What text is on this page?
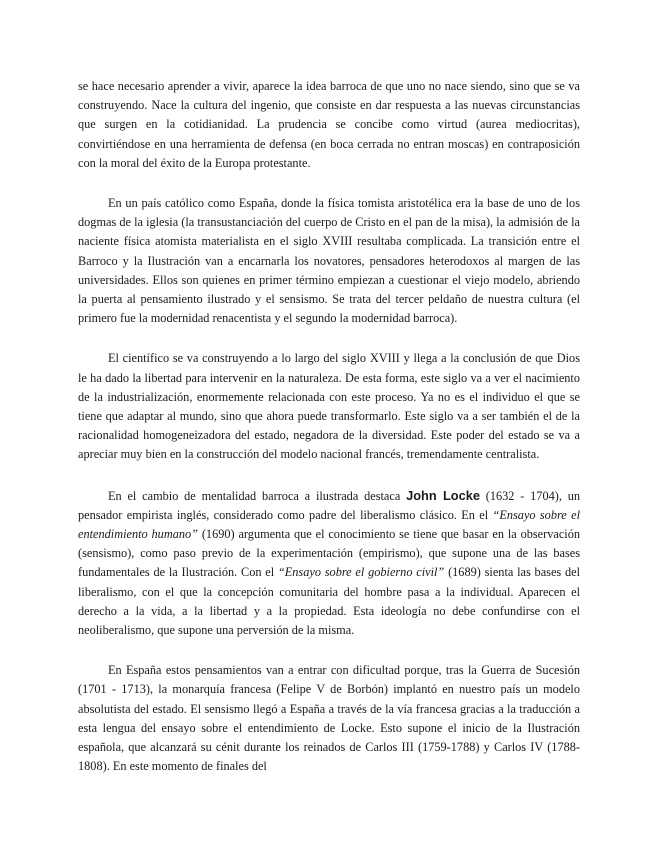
se hace necesario aprender a vivir, aparece la idea barroca de que uno no nace siendo, sino que se va construyendo. Nace la cultura del ingenio, que consiste en dar respuesta a las nuevas circunstancias que surgen en la cotidianidad. La prudencia se concibe como virtud (aurea mediocritas), convirtiéndose en una herramienta de defensa (en boca cerrada no entran moscas) en contraposición con la moral del éxito de la Europa protestante.

En un país católico como España, donde la física tomista aristotélica era la base de uno de los dogmas de la iglesia (la transustanciación del cuerpo de Cristo en el pan de la misa), la admisión de la naciente física atomista materialista en el siglo XVIII resultaba complicada. La transición entre el Barroco y la Ilustración van a encarnarla los novatores, pensadores heterodoxos al margen de las universidades. Ellos son quienes en primer término empiezan a cuestionar el viejo modelo, abriendo la puerta al pensamiento ilustrado y el sensismo. Se trata del tercer peldaño de nuestra cultura (el primero fue la modernidad renacentista y el segundo la modernidad barroca).

El científico se va construyendo a lo largo del siglo XVIII y llega a la conclusión de que Dios le ha dado la libertad para intervenir en la naturaleza. De esta forma, este siglo va a ver el nacimiento de la industrialización, enormemente relacionada con este proceso. Ya no es el individuo el que se tiene que adaptar al mundo, sino que ahora puede transformarlo. Este siglo va a ser también el de la racionalidad homogeneizadora del estado, negadora de la diversidad. Este poder del estado se va a apreciar muy bien en la construcción del modelo nacional francés, tremendamente centralista.

En el cambio de mentalidad barroca a ilustrada destaca John Locke (1632 - 1704), un pensador empirista inglés, considerado como padre del liberalismo clásico. En el “Ensayo sobre el entendimiento humano” (1690) argumenta que el conocimiento se tiene que basar en la observación (sensismo), como paso previo de la experimentación (empirismo), que supone una de las bases fundamentales de la Ilustración. Con el “Ensayo sobre el gobierno civil” (1689) sienta las bases del liberalismo, con el que la concepción comunitaria del hombre pasa a la individual. Aparecen el derecho a la vida, a la libertad y a la propiedad. Esta ideología no debe confundirse con el neoliberalismo, que supone una perversión de la misma.

En España estos pensamientos van a entrar con dificultad porque, tras la Guerra de Sucesión (1701 - 1713), la monarquía francesa (Felipe V de Borbón) implantó en nuestro país un modelo absolutista del estado. El sensismo llegó a España a través de la vía francesa gracias a la traducción a esta lengua del ensayo sobre el entendimiento de Locke. Esto supone el inicio de la Ilustración española, que alcanzará su cénit durante los reinados de Carlos III (1759-1788) y Carlos IV (1788-1808). En este momento de finales del
